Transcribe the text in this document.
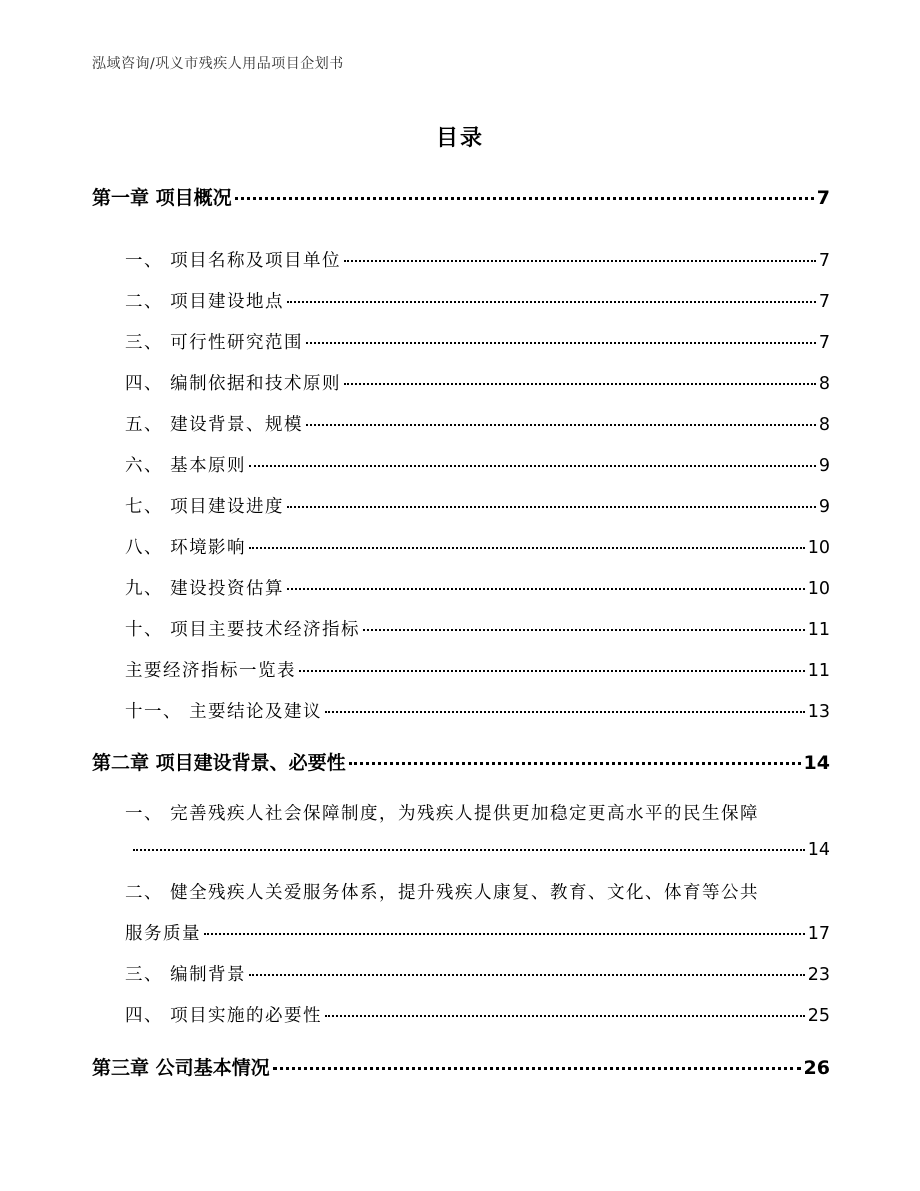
泓域咨询/巩义市残疾人用品项目企划书
目录
第一章 项目概况	7
一、 项目名称及项目单位	7
二、 项目建设地点	7
三、 可行性研究范围	7
四、 编制依据和技术原则	8
五、 建设背景、规模	8
六、 基本原则	9
七、 项目建设进度	9
八、 环境影响	10
九、 建设投资估算	10
十、 项目主要技术经济指标	11
主要经济指标一览表	11
十一、 主要结论及建议	13
第二章 项目建设背景、必要性	14
一、 完善残疾人社会保障制度，为残疾人提供更加稳定更高水平的民生保障
14
二、 健全残疾人关爱服务体系，提升残疾人康复、教育、文化、体育等公共
服务质量	17
三、 编制背景	23
四、 项目实施的必要性	25
第三章 公司基本情况	26
